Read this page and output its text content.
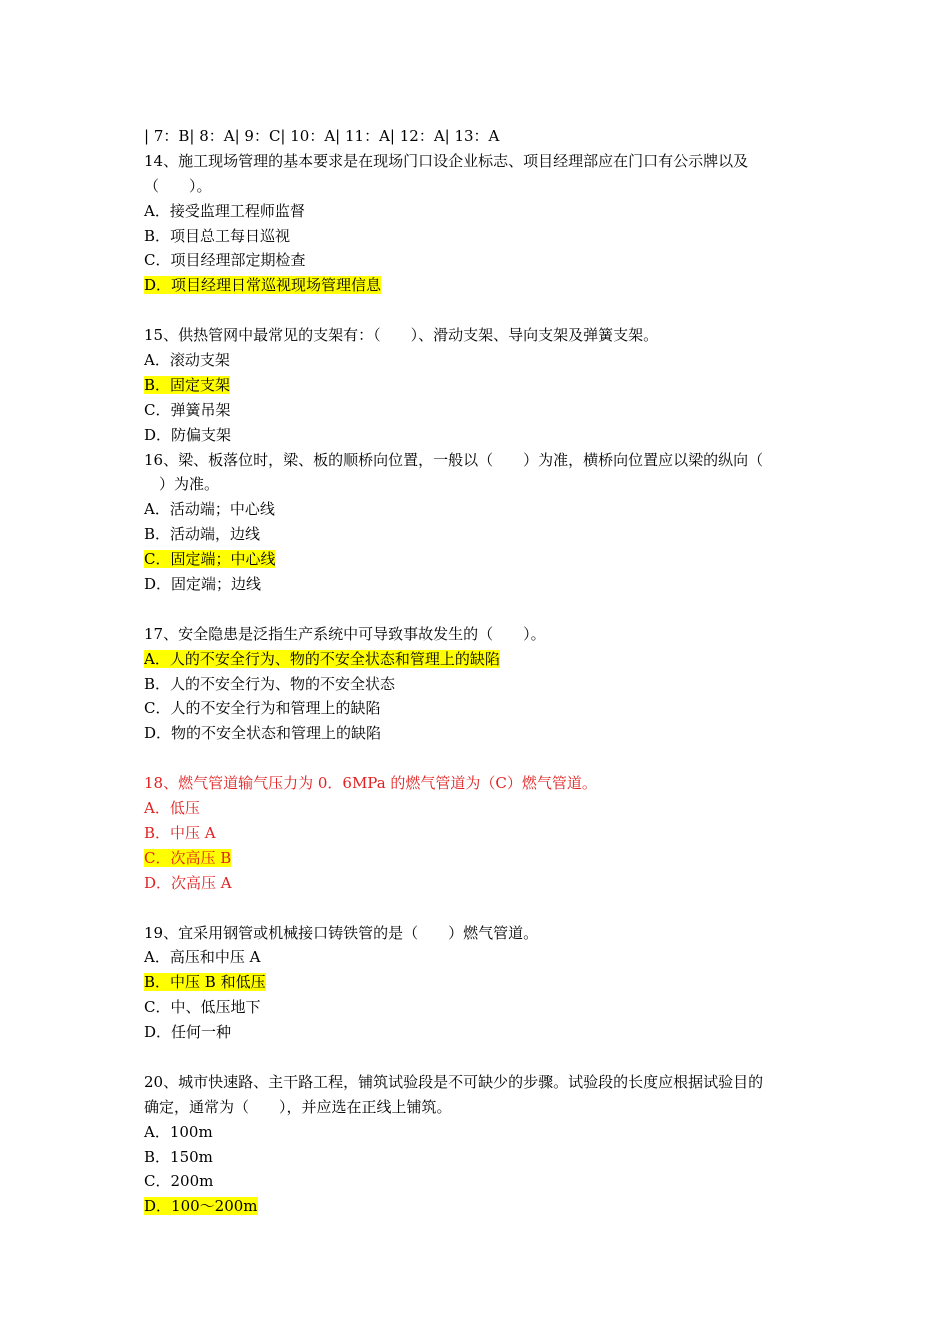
| 7：B| 8：A| 9：C| 10：A| 11：A| 12：A| 13：A
14、施工现场管理的基本要求是在现场门口设企业标志、项目经理部应在门口有公示牌以及
（　　）。
A．接受监理工程师监督
B．项目总工每日巡视
C．项目经理部定期检查
D．项目经理日常巡视现场管理信息
15、供热管网中最常见的支架有：（　　）、滑动支架、导向支架及弹簧支架。
A．滚动支架
B．固定支架
C．弹簧吊架
D．防偏支架
16、梁、板落位时，梁、板的顺桥向位置，一般以（　　）为准，横桥向位置应以梁的纵向（
）为准。
A．活动端；中心线
B．活动端，边线
C．固定端；中心线
D．固定端；边线
17、安全隐患是泛指生产系统中可导致事故发生的（　　）。
A．人的不安全行为、物的不安全状态和管理上的缺陷
B．人的不安全行为、物的不安全状态
C．人的不安全行为和管理上的缺陷
D．物的不安全状态和管理上的缺陷
18、燃气管道输气压力为 0．6MPa 的燃气管道为（C）燃气管道。
A．低压
B．中压 A
C．次高压 B
D．次高压 A
19、宜采用钢管或机械接口铸铁管的是（　　）燃气管道。
A．高压和中压 A
B．中压 B 和低压
C．中、低压地下
D．任何一种
20、城市快速路、主干路工程，铺筑试验段是不可缺少的步骤。试验段的长度应根据试验目的
确定，通常为（　　），并应选在正线上铺筑。
A．100m
B．150m
C．200m
D．100～200m
